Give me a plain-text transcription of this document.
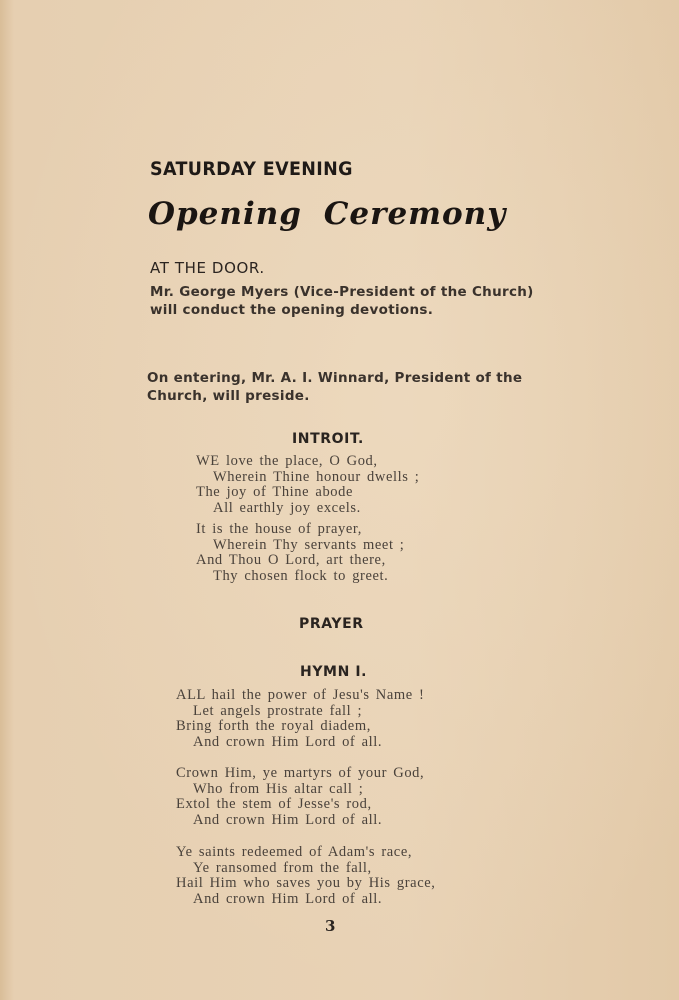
SATURDAY EVENING
Opening Ceremony
AT THE DOOR.
Mr. George Myers (Vice-President of the Church)
will conduct the opening devotions.
On entering, Mr. A. I. Winnard, President of the
Church, will preside.
INTROIT.
WE love the place, O God,
Wherein Thine honour dwells ;
The joy of Thine abode
All earthly joy excels.
It is the house of prayer,
Wherein Thy servants meet ;
And Thou O Lord, art there,
Thy chosen flock to greet.
PRAYER
HYMN I.
ALL hail the power of Jesu's Name !
Let angels prostrate fall ;
Bring forth the royal diadem,
And crown Him Lord of all.
Crown Him, ye martyrs of your God,
Who from His altar call ;
Extol the stem of Jesse's rod,
And crown Him Lord of all.
Ye saints redeemed of Adam's race,
Ye ransomed from the fall,
Hail Him who saves you by His grace,
And crown Him Lord of all.
3
